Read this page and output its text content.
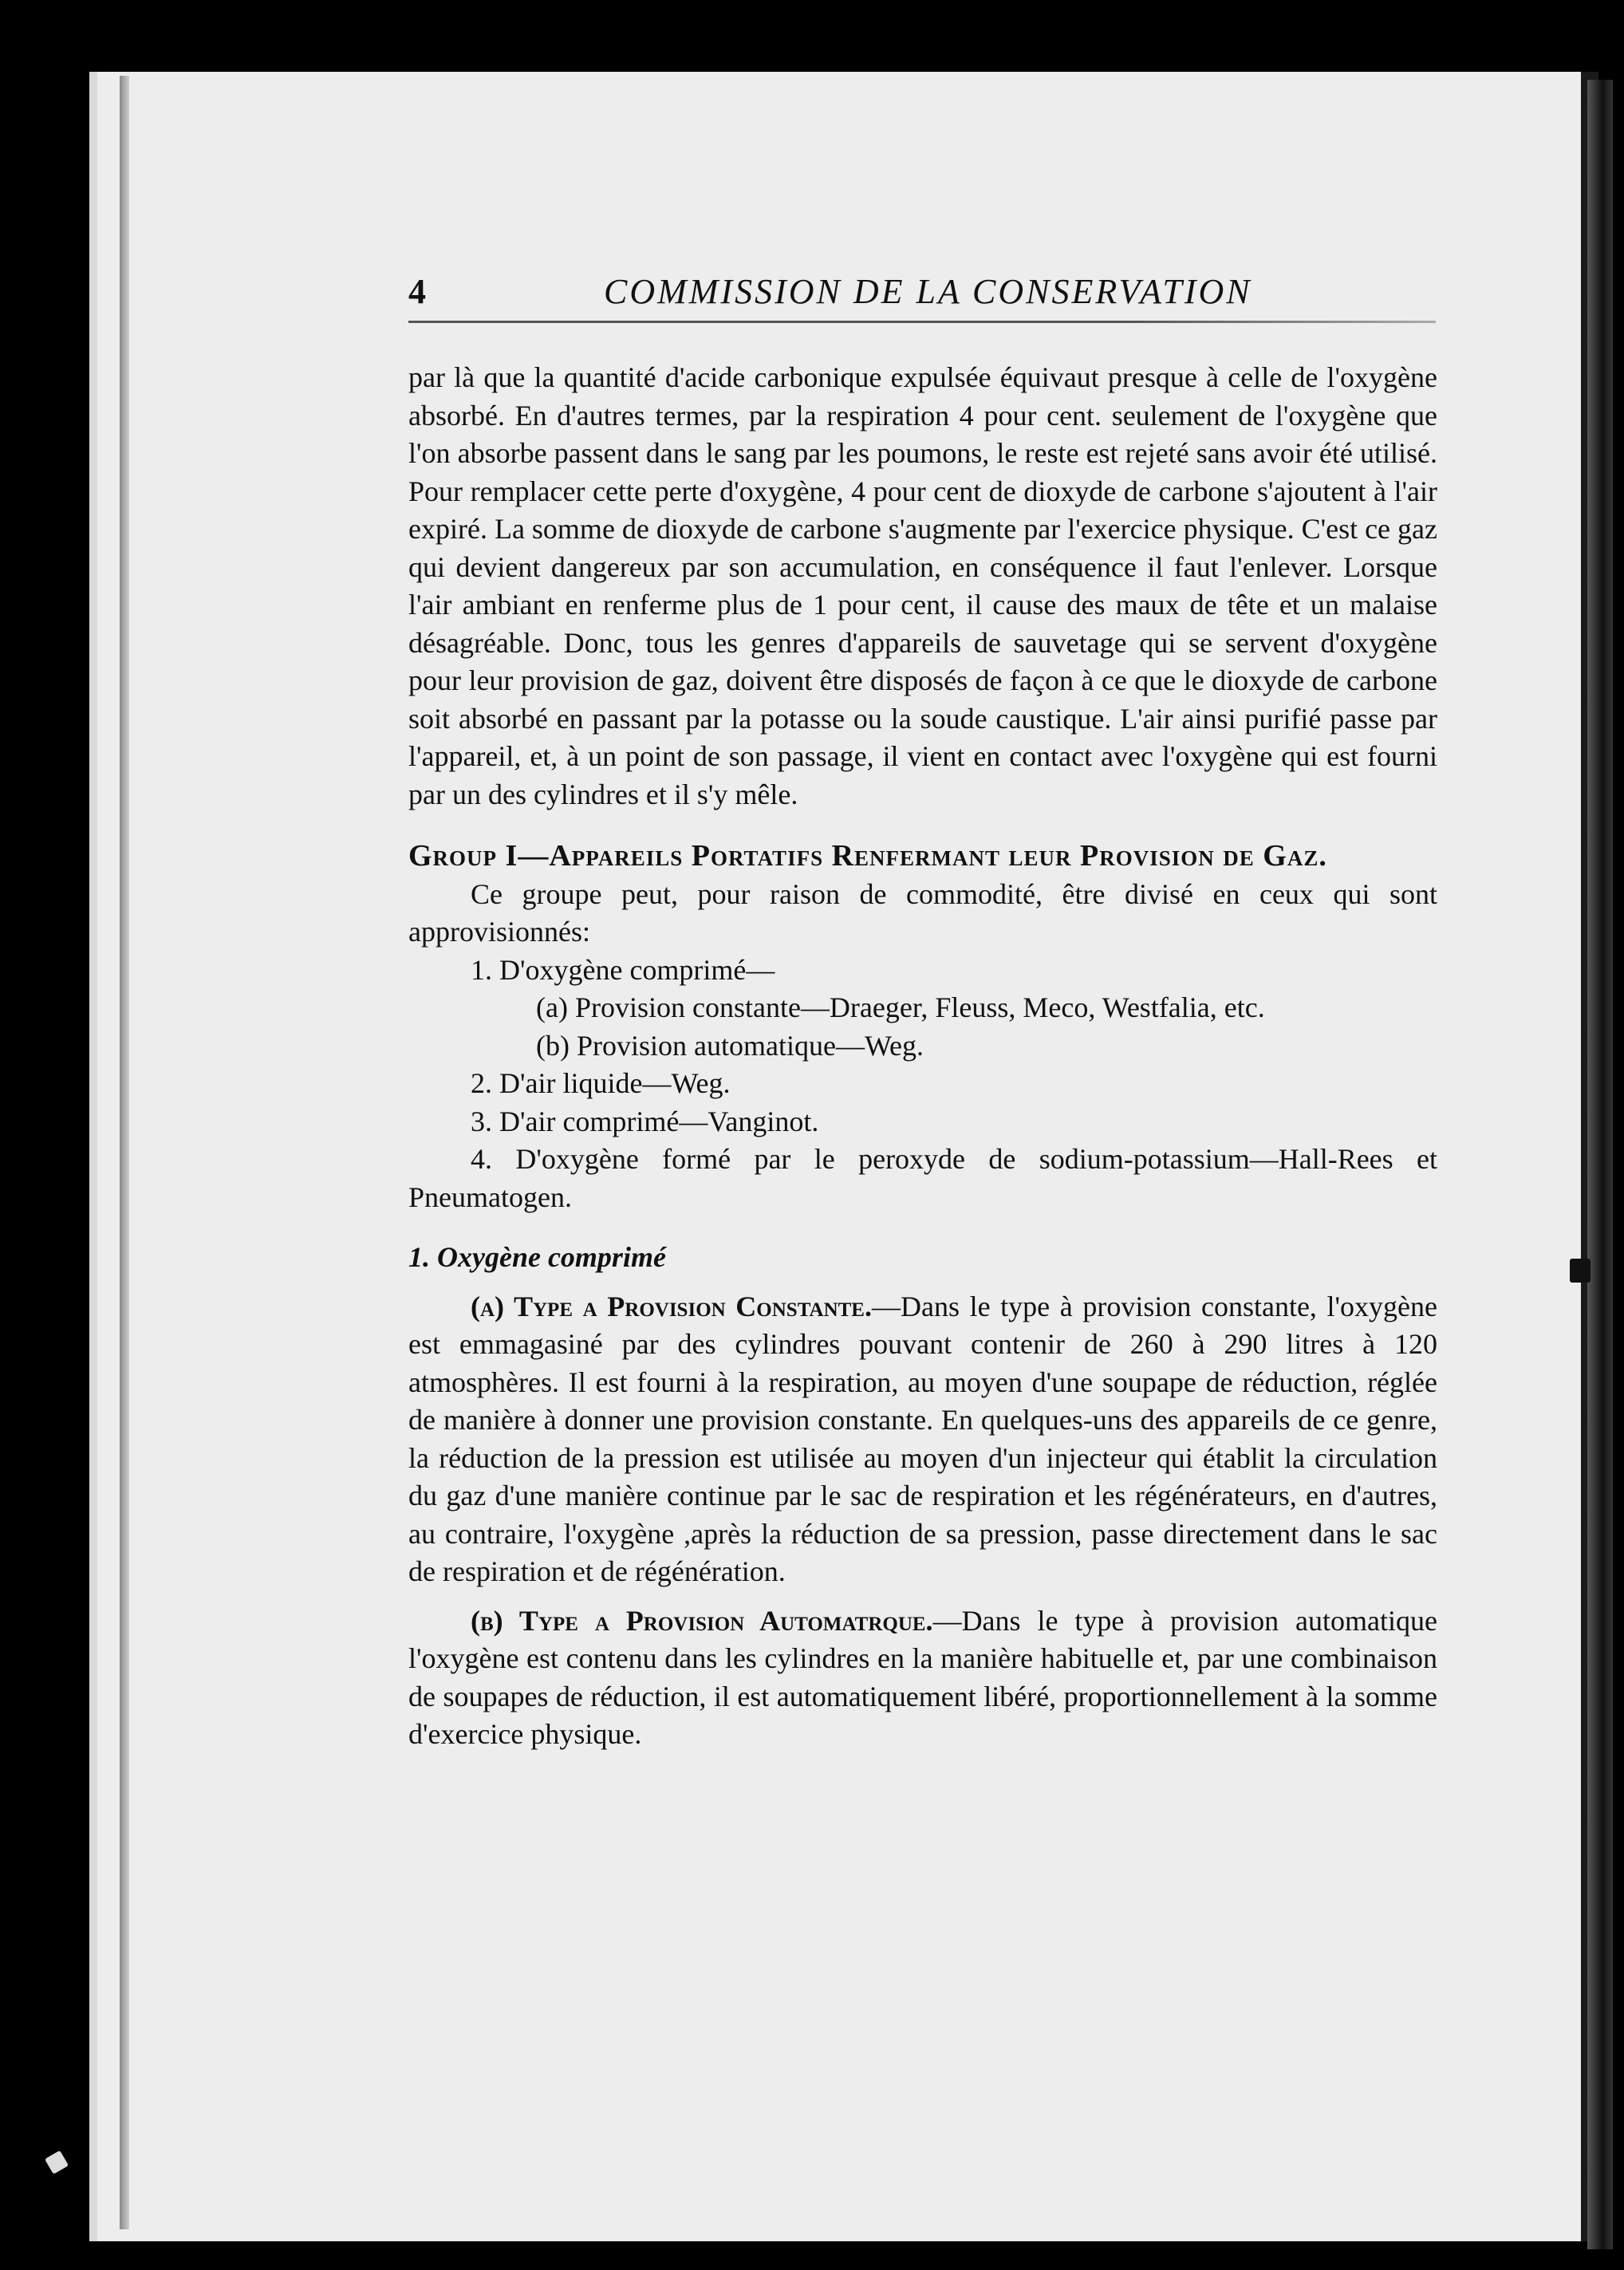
4	COMMISSION DE LA CONSERVATION

par là que la quantité d'acide carbonique expulsée équivaut presque à celle de l'oxygène absorbé. En d'autres termes, par la respiration 4 pour cent. seulement de l'oxygène que l'on absorbe passent dans le sang par les poumons, le reste est rejeté sans avoir été utilisé. Pour remplacer cette perte d'oxygène, 4 pour cent de dioxyde de carbone s'ajoutent à l'air expiré. La somme de dioxyde de carbone s'augmente par l'exercice physique. C'est ce gaz qui devient dangereux par son accumulation, en conséquence il faut l'enlever. Lorsque l'air ambiant en renferme plus de 1 pour cent, il cause des maux de tête et un malaise désagréable. Donc, tous les genres d'appareils de sauvetage qui se servent d'oxygène pour leur provision de gaz, doivent être disposés de façon à ce que le dioxyde de carbone soit absorbé en passant par la potasse ou la soude caustique. L'air ainsi purifié passe par l'appareil, et, à un point de son passage, il vient en contact avec l'oxygène qui est fourni par un des cylindres et il s'y mêle.

Group I—Appareils Portatifs Renfermant leur Provision de Gaz.

Ce groupe peut, pour raison de commodité, être divisé en ceux qui sont approvisionnés:

1. D'oxygène comprimé—

(a) Provision constante—Draeger, Fleuss, Meco, Westfalia, etc.

(b) Provision automatique—Weg.

2. D'air liquide—Weg.

3. D'air comprimé—Vanginot.

4. D'oxygène formé par le peroxyde de sodium-potassium—Hall-Rees et Pneumatogen.

1. Oxygène comprimé

(a) Type a Provision Constante.—Dans le type à provision constante, l'oxygène est emmagasiné par des cylindres pouvant contenir de 260 à 290 litres à 120 atmosphères. Il est fourni à la respiration, au moyen d'une soupape de réduction, réglée de manière à donner une provision constante. En quelques-uns des appareils de ce genre, la réduction de la pression est utilisée au moyen d'un injecteur qui établit la circulation du gaz d'une manière continue par le sac de respiration et les régénérateurs, en d'autres, au contraire, l'oxygène ,après la réduction de sa pression, passe directement dans le sac de respiration et de régénération.

(b) Type a Provision Automatrque.—Dans le type à provision automatique l'oxygène est contenu dans les cylindres en la manière habituelle et, par une combinaison de soupapes de réduction, il est automatiquement libéré, proportionnellement à la somme d'exercice physique.
